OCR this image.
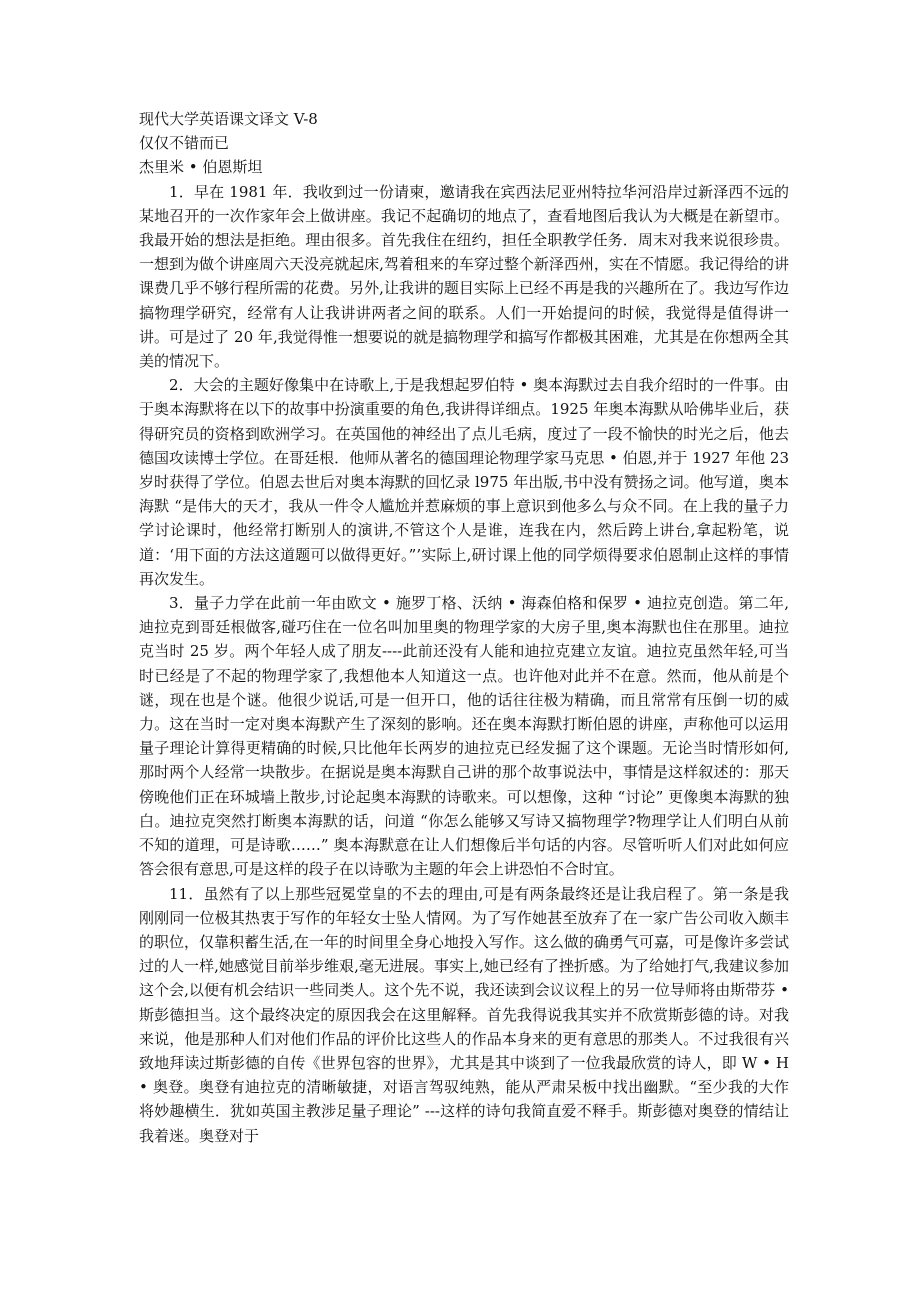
现代大学英语课文译文 V-8
仅仅不错而已
杰里米 • 伯恩斯坦

1．早在 1981 年．我收到过一份请柬，邀请我在宾西法尼亚州特拉华河沿岸过新泽西不远的某地召开的一次作家年会上做讲座。我记不起确切的地点了，查看地图后我认为大概是在新望市。我最开始的想法是拒绝。理由很多。首先我住在纽约，担任全职教学任务．周末对我来说很珍贵。一想到为做个讲座周六天没亮就起床,驾着租来的车穿过整个新泽西州，实在不情愿。我记得给的讲课费几乎不够行程所需的花费。另外,让我讲的题目实际上已经不再是我的兴趣所在了。我边写作边搞物理学研究，经常有人让我讲讲两者之间的联系。人们一开始提问的时候，我觉得是值得讲一讲。可是过了 20 年,我觉得惟一想要说的就是搞物理学和搞写作都极其困难，尤其是在你想两全其美的情况下。

2．大会的主题好像集中在诗歌上,于是我想起罗伯特 • 奥本海默过去自我介绍时的一件事。由于奥本海默将在以下的故事中扮演重要的角色,我讲得详细点。1925 年奥本海默从哈佛毕业后，获得研究员的资格到欧洲学习。在英国他的神经出了点儿毛病，度过了一段不愉快的时光之后，他去德国攻读博士学位。在哥廷根．他师从著名的德国理论物理学家马克思 • 伯恩,并于 1927 年他 23 岁时获得了学位。伯恩去世后对奥本海默的回忆录 l975 年出版,书中没有赞扬之词。他写道，奥本海默 “是伟大的天才，我从一件令人尴尬并惹麻烦的事上意识到他多么与众不同。在上我的量子力学讨论课时，他经常打断别人的演讲,不管这个人是谁，连我在内，然后跨上讲台,拿起粉笔，说道：‘用下面的方法这道题可以做得更好。”’实际上,研讨课上他的同学烦得要求伯恩制止这样的事情再次发生。

3．量子力学在此前一年由欧文 • 施罗丁格、沃纳 • 海森伯格和保罗 • 迪拉克创造。第二年,迪拉克到哥廷根做客,碰巧住在一位名叫加里奥的物理学家的大房子里,奥本海默也住在那里。迪拉克当时 25 岁。两个年轻人成了朋友----此前还没有人能和迪拉克建立友谊。迪拉克虽然年轻,可当时已经是了不起的物理学家了,我想他本人知道这一点。也许他对此并不在意。然而，他从前是个谜，现在也是个谜。他很少说话,可是一但开口，他的话往往极为精确，而且常常有压倒一切的威力。这在当时一定对奥本海默产生了深刻的影响。还在奥本海默打断伯恩的讲座，声称他可以运用量子理论计算得更精确的时候,只比他年长两岁的迪拉克已经发掘了这个课题。无论当时情形如何,那时两个人经常一块散步。在据说是奥本海默自己讲的那个故事说法中，事情是这样叙述的：那天傍晚他们正在环城墙上散步,讨论起奥本海默的诗歌来。可以想像，这种 “讨论” 更像奥本海默的独白。迪拉克突然打断奥本海默的话，问道 “你怎么能够又写诗又搞物理学?物理学让人们明白从前不知的道理，可是诗歌……” 奥本海默意在让人们想像后半句话的内容。尽管听听人们对此如何应答会很有意思,可是这样的段子在以诗歌为主题的年会上讲恐怕不合时宜。

11．虽然有了以上那些冠冕堂皇的不去的理由,可是有两条最终还是让我启程了。第一条是我刚刚同一位极其热衷于写作的年轻女士坠人情网。为了写作她甚至放弃了在一家广告公司收入颇丰的职位，仅靠积蓄生活,在一年的时间里全身心地投入写作。这么做的确勇气可嘉，可是像许多尝试过的人一样,她感觉目前举步维艰,毫无进展。事实上,她已经有了挫折感。为了给她打气,我建议参加这个会,以便有机会结识一些同类人。这个先不说，我还读到会议议程上的另一位导师将由斯带芬 • 斯彭德担当。这个最终决定的原因我会在这里解释。首先我得说我其实并不欣赏斯彭德的诗。对我来说，他是那种人们对他们作品的评价比这些人的作品本身来的更有意思的那类人。不过我很有兴致地拜读过斯彭德的自传《世界包容的世界》，尤其是其中谈到了一位我最欣赏的诗人，即 W • H • 奥登。奥登有迪拉克的清晰敏捷，对语言驾驭纯熟，能从严肃呆板中找出幽默。“至少我的大作将妙趣横生．犹如英国主教涉足量子理论” ---这样的诗句我简直爱不释手。斯彭德对奥登的情结让我着迷。奥登对于
